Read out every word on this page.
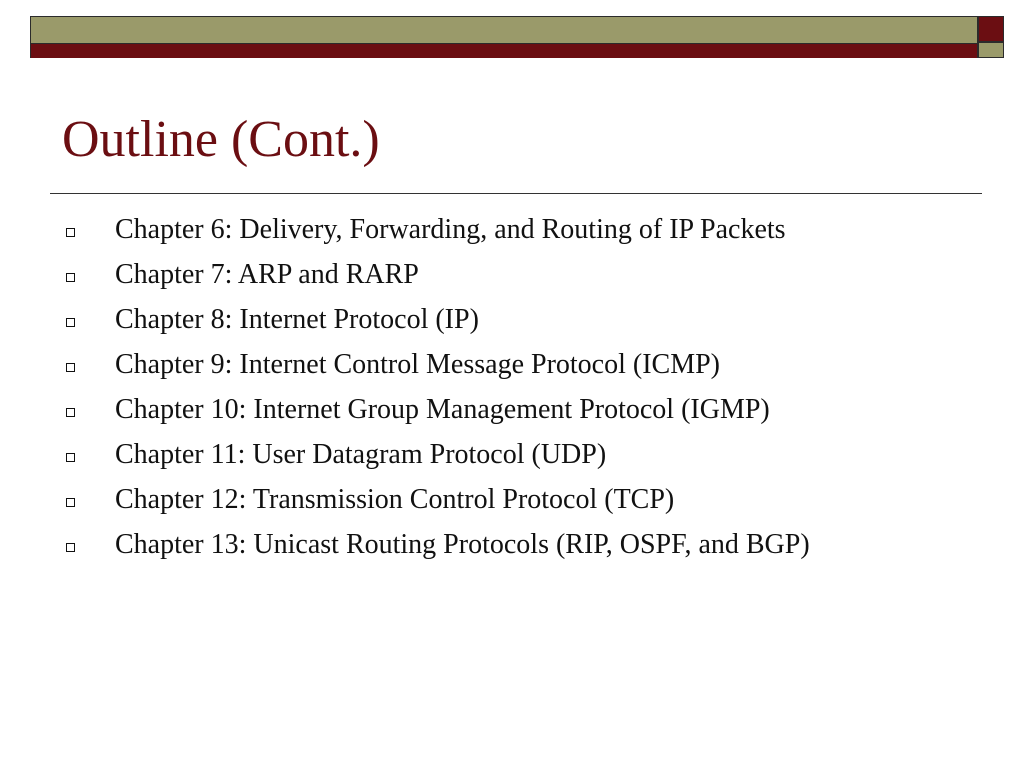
Outline (Cont.)
Chapter 6: Delivery, Forwarding, and Routing of IP Packets
Chapter 7: ARP and RARP
Chapter 8: Internet Protocol (IP)
Chapter 9: Internet Control Message Protocol (ICMP)
Chapter 10: Internet Group Management Protocol (IGMP)
Chapter 11: User Datagram Protocol (UDP)
Chapter 12: Transmission Control Protocol (TCP)
Chapter 13: Unicast Routing Protocols (RIP, OSPF, and BGP)
